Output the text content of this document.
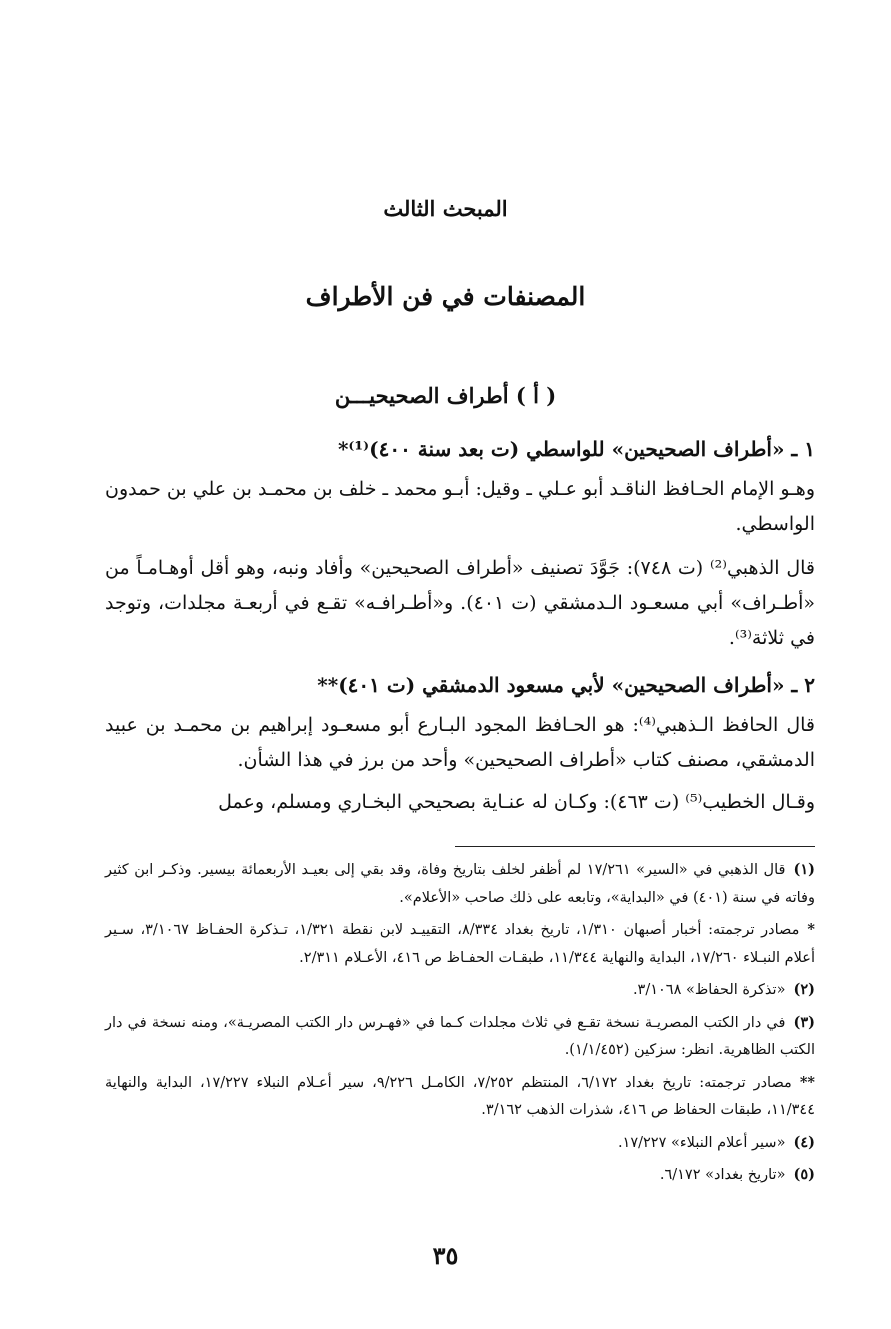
المبحث الثالث
المصنفات في فن الأطراف
( أ ) أطراف الصحيحيـــن
١ ـ «أطراف الصحيحين» للواسطي (ت بعد سنة ٤٠٠)⁽¹⁾*

وهـو الإمام الحـافظ الناقـد أبو عـلي ـ وقيل: أبـو محمد ـ خلف بن محمـد بن علي بن حمدون الواسطي.

قال الذهبي⁽²⁾ (ت ٧٤٨): جَوَّدَ تصنيف «أطراف الصحيحين» وأفاد ونبه، وهو أقل أوهـامـاً من «أطـراف» أبي مسعـود الـدمشقي (ت ٤٠١). و«أطـرافـه» تقـع في أربعـة مجلدات، وتوجد في ثلاثة⁽³⁾.

٢ ـ «أطراف الصحيحين» لأبي مسعود الدمشقي (ت ٤٠١)**

قال الحافظ الـذهبي⁽⁴⁾: هو الحـافظ المجود البـارع أبو مسعـود إبراهيم بن محمـد بن عبيد الدمشقي، مصنف كتاب «أطراف الصحيحين» وأحد من برز في هذا الشأن.

وقـال الخطيب⁽⁵⁾ (ت ٤٦٣): وكـان له عنـاية بصحيحي البخـاري ومسلم، وعمل

(١)قال الذهبي في «السير» ١٧/٢٦١ لم أظفر لخلف بتاريخ وفاة، وقد بقي إلى بعيـد الأربعمائة بيسير. وذكـر ابن كثير وفاته في سنة (٤٠١) في «البداية»، وتابعه على ذلك صاحب «الأعلام».

*مصادر ترجمته: أخبار أصبهان ١/٣١٠، تاريخ بغداد ٨/٣٣٤، التقييـد لابن نقطة ١/٣٢١، تـذكرة الحفـاظ ٣/١٠٦٧، سـير أعلام النبـلاء ١٧/٢٦٠، البداية والنهاية ١١/٣٤٤، طبقـات الحفـاظ ص ٤١٦، الأعـلام ٢/٣١١.

(٢)«تذكرة الحفاظ» ٣/١٠٦٨.

(٣)في دار الكتب المصريـة نسخة تقـع في ثلاث مجلدات كـما في «فهـرس دار الكتب المصريـة»، ومنه نسخة في دار الكتب الظاهرية. انظر: سزكين (١/١/٤٥٢).

**مصادر ترجمته: تاريخ بغداد ٦/١٧٢، المنتظم ٧/٢٥٢، الكامـل ٩/٢٢٦، سير أعـلام النبلاء ١٧/٢٢٧، البداية والنهاية ١١/٣٤٤، طبقات الحفاظ ص ٤١٦، شذرات الذهب ٣/١٦٢.

(٤)«سير أعلام النبلاء» ١٧/٢٢٧.

(٥)«تاريخ بغداد» ٦/١٧٢.

٣٥
